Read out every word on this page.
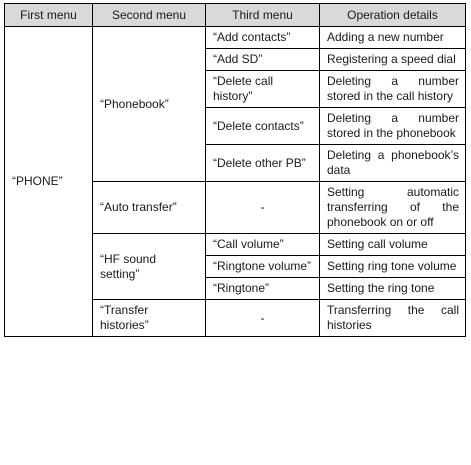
First menu	Second menu	Third menu	Operation details
“PHONE”	“Phonebook”	“Add contacts”	Adding a new number
		“Add SD”	Registering a speed dial
		“Delete call history”	Deleting a number stored in the call history
		“Delete contacts”	Deleting a number stored in the phonebook
		“Delete other PB”	Deleting a phonebook’s data
	“Auto transfer”	-	Setting automatic transferring of the phonebook on or off
	“HF sound setting”	“Call volume”	Setting call volume
		“Ringtone volume”	Setting ring tone volume
		“Ringtone”	Setting the ring tone
	“Transfer histories”	-	Transferring the call histories
